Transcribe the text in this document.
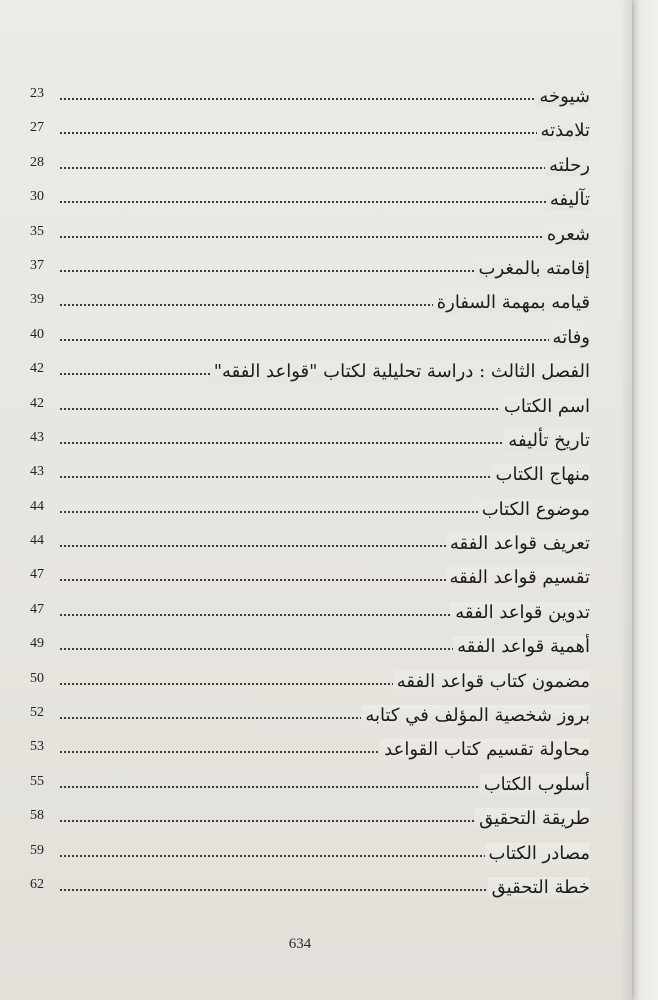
23	شيوخه
27	تلامذته
28	رحلته
30	تآليفه
35	شعره
37	إقامته بالمغرب
39	قيامه بمهمة السفارة
40	وفاته
42	الفصل الثالث : دراسة تحليلية لكتاب "قواعد الفقه"
42	اسم الكتاب
43	تاريخ تأليفه
43	منهاج الكتاب
44	موضوع الكتاب
44	تعريف قواعد الفقه
47	تقسيم قواعد الفقه
47	تدوين قواعد الفقه
49	أهمية قواعد الفقه
50	مضمون كتاب قواعد الفقه
52	بروز شخصية المؤلف في كتابه
53	محاولة تقسيم كتاب القواعد
55	أسلوب الكتاب
58	طريقة التحقيق
59	مصادر الكتاب
62	خطة التحقيق
634
